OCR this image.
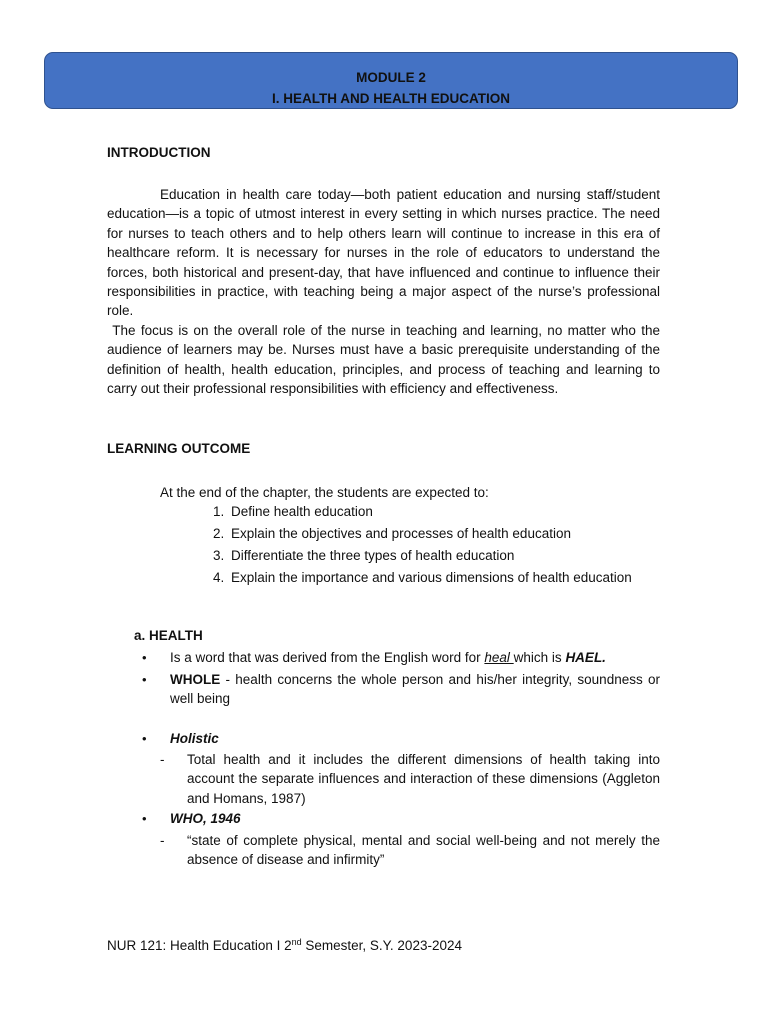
MODULE 2
I. HEALTH AND HEALTH EDUCATION
INTRODUCTION

Education in health care today—both patient education and nursing staff/student education—is a topic of utmost interest in every setting in which nurses practice. The need for nurses to teach others and to help others learn will continue to increase in this era of healthcare reform. It is necessary for nurses in the role of educators to understand the forces, both historical and present-day, that have influenced and continue to influence their responsibilities in practice, with teaching being a major aspect of the nurse’s professional role.

The focus is on the overall role of the nurse in teaching and learning, no matter who the audience of learners may be. Nurses must have a basic prerequisite understanding of the definition of health, health education, principles, and process of teaching and learning to carry out their professional responsibilities with efficiency and effectiveness.

LEARNING OUTCOME
At the end of the chapter, the students are expected to:
1. Define health education
2. Explain the objectives and processes of health education
3. Differentiate the three types of health education
4. Explain the importance and various dimensions of health education
a. HEALTH
• Is a word that was derived from the English word for heal which is HAEL.
• WHOLE - health concerns the whole person and his/her integrity, soundness or well being
• Holistic
- Total health and it includes the different dimensions of health taking into account the separate influences and interaction of these dimensions (Aggleton and Homans, 1987)
• WHO, 1946
- “state of complete physical, mental and social well-being and not merely the absence of disease and infirmity”
NUR 121: Health Education I 2nd Semester, S.Y. 2023-2024
